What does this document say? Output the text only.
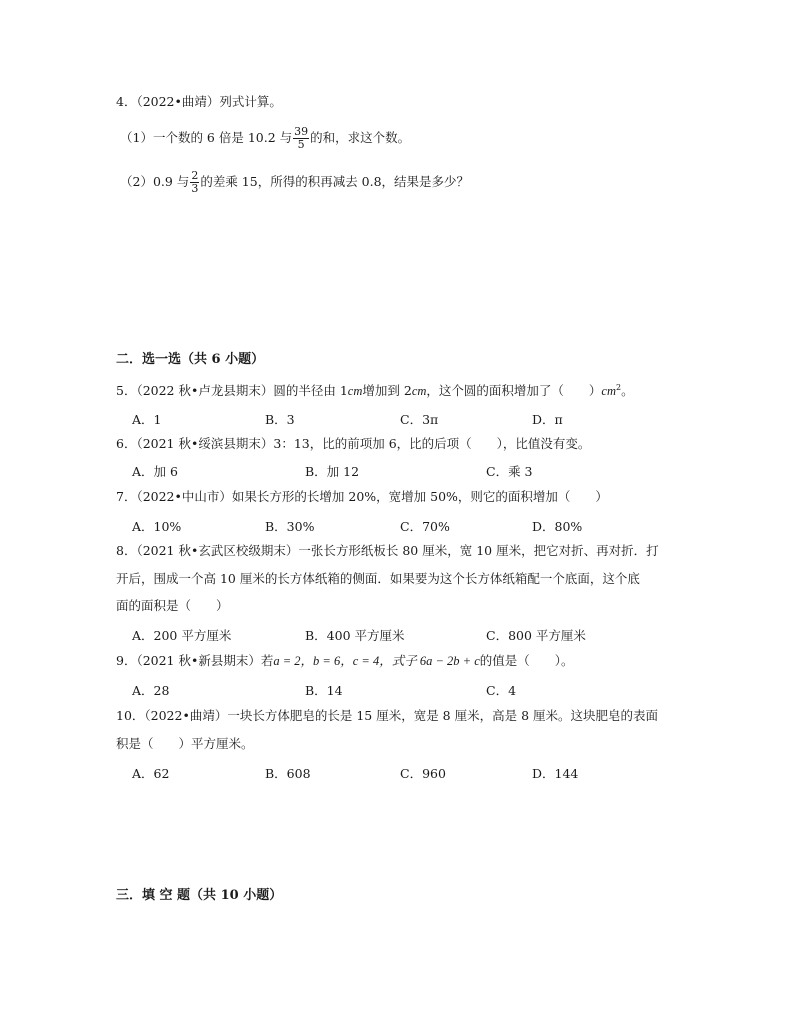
4．（2022•曲靖）列式计算。
（1）一个数的 6 倍是 10.2 与 $\frac{39}{5}$ 的和，求这个数。
（2）0.9 与 $\frac{2}{3}$ 的差乘 15，所得的积再减去 0.8，结果是多少？
二．选一选（共 6 小题）
5．（2022 秋•卢龙县期末）圆的半径由 1cm增加到 2cm，这个圆的面积增加了（　　）$cm^2$。
A．1	B．3	C．3π	D．π
6．（2021 秋•绥滨县期末）3：13，比的前项加 6，比的后项（　　），比值没有变。
A．加 6	B．加 12	C．乘 3
7．（2022•中山市）如果长方形的长增加 20%，宽增加 50%，则它的面积增加（　　）
A．10%	B．30%	C．70%	D．80%
8．（2021 秋•玄武区校级期末）一张长方形纸板长 80 厘米，宽 10 厘米，把它对折、再对折．打
开后，围成一个高 10 厘米的长方体纸箱的侧面．如果要为这个长方体纸箱配一个底面，这个底
面的面积是（　　）
A．200 平方厘米	B．400 平方厘米	C．800 平方厘米
9．（2021 秋•新县期末）若a = 2，b = 6，c = 4，式子 6a − 2b + c的值是（　　）。
A．28	B．14	C．4
10．（2022•曲靖）一块长方体肥皂的长是 15 厘米，宽是 8 厘米，高是 8 厘米。这块肥皂的表面
积是（　　）平方厘米。
A．62	B．608	C．960	D．144
三．填 空 题（共 10 小题）
